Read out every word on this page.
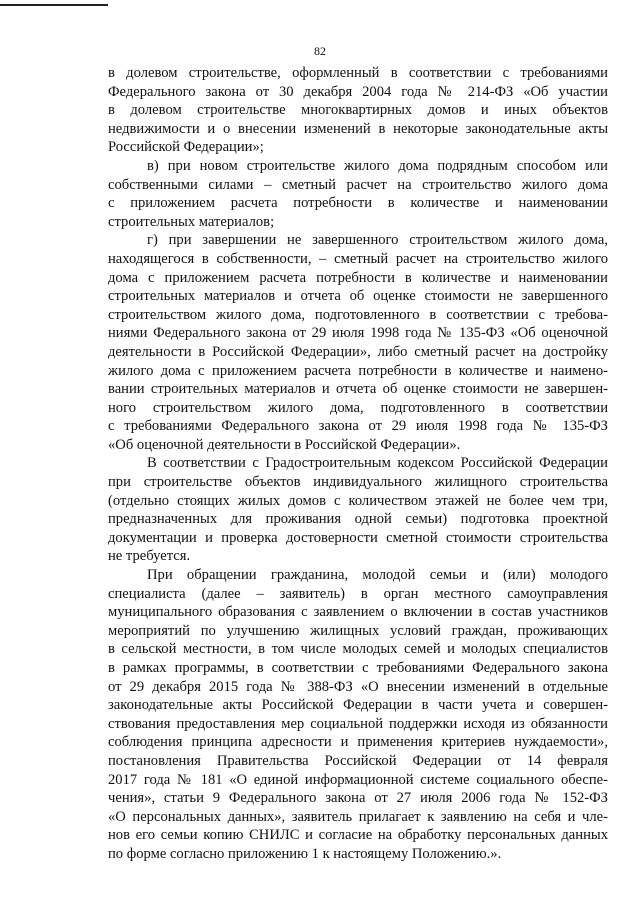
82

в долевом строительстве, оформленный в соответствии с требованиями
Федерального закона от 30 декабря 2004 года № 214-ФЗ «Об участии
в долевом строительстве многоквартирных домов и иных объектов
недвижимости и о внесении изменений в некоторые законодательные акты
Российской Федерации»;

в) при новом строительстве жилого дома подрядным способом или
собственными силами – сметный расчет на строительство жилого дома
с приложением расчета потребности в количестве и наименовании
строительных материалов;

г) при завершении не завершенного строительством жилого дома,
находящегося в собственности, – сметный расчет на строительство жилого
дома с приложением расчета потребности в количестве и наименовании
строительных материалов и отчета об оценке стоимости не завершенного
строительством жилого дома, подготовленного в соответствии с требова-
ниями Федерального закона от 29 июля 1998 года № 135-ФЗ «Об оценочной
деятельности в Российской Федерации», либо сметный расчет на достройку
жилого дома с приложением расчета потребности в количестве и наимено-
вании строительных материалов и отчета об оценке стоимости не завершен-
ного строительством жилого дома, подготовленного в соответствии
с требованиями Федерального закона от 29 июля 1998 года № 135-ФЗ
«Об оценочной деятельности в Российской Федерации».

В соответствии с Градостроительным кодексом Российской Федерации
при строительстве объектов индивидуального жилищного строительства
(отдельно стоящих жилых домов с количеством этажей не более чем три,
предназначенных для проживания одной семьи) подготовка проектной
документации и проверка достоверности сметной стоимости строительства
не требуется.

При обращении гражданина, молодой семьи и (или) молодого
специалиста (далее – заявитель) в орган местного самоуправления
муниципального образования с заявлением о включении в состав участников
мероприятий по улучшению жилищных условий граждан, проживающих
в сельской местности, в том числе молодых семей и молодых специалистов
в рамках программы, в соответствии с требованиями Федерального закона
от 29 декабря 2015 года № 388-ФЗ «О внесении изменений в отдельные
законодательные акты Российской Федерации в части учета и совершен-
ствования предоставления мер социальной поддержки исходя из обязанности
соблюдения принципа адресности и применения критериев нуждаемости»,
постановления Правительства Российской Федерации от 14 февраля
2017 года № 181 «О единой информационной системе социального обеспе-
чения», статьи 9 Федерального закона от 27 июля 2006 года № 152-ФЗ
«О персональных данных», заявитель прилагает к заявлению на себя и чле-
нов его семьи копию СНИЛС и согласие на обработку персональных данных
по форме согласно приложению 1 к настоящему Положению.».
